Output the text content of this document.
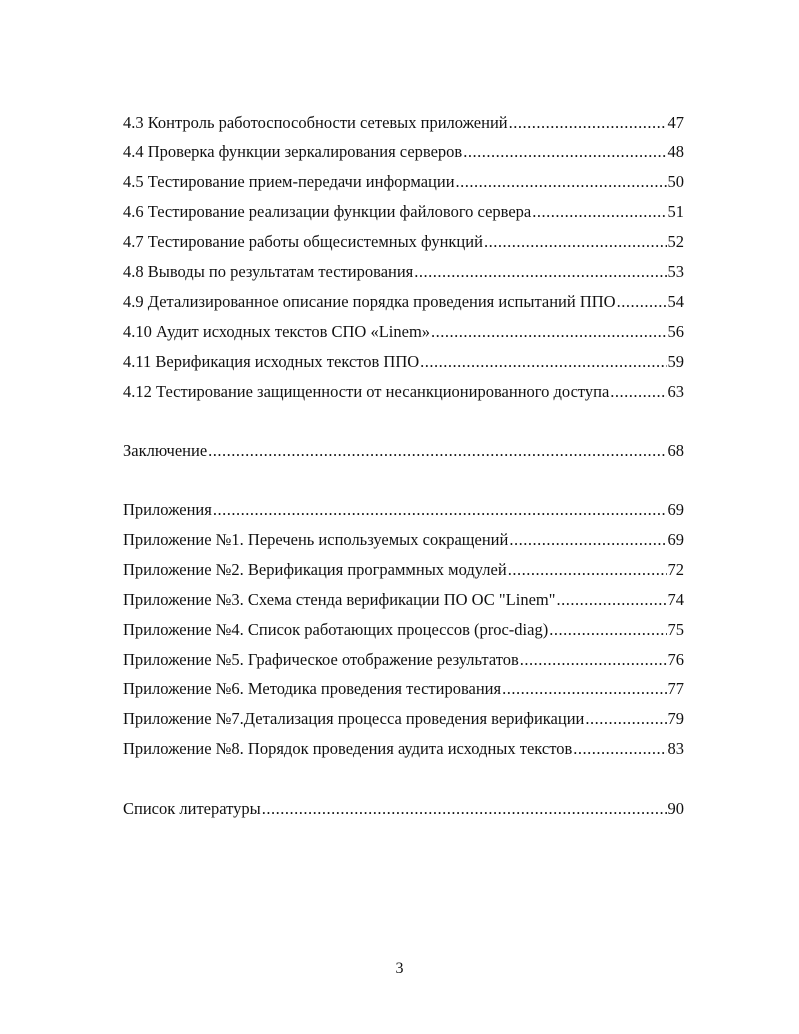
4.3 Контроль работоспособности сетевых приложений .....	47
4.4 Проверка функции зеркалирования серверов .....	48
4.5 Тестирование прием-передачи информации .....	50
4.6 Тестирование реализации функции файлового сервера .....	51
4.7 Тестирование работы общесистемных функций .....	52
4.8 Выводы по результатам тестирования .....	53
4.9 Детализированное описание порядка проведения испытаний ППО .....	54
4.10 Аудит исходных текстов СПО «Linem» .....	56
4.11 Верификация исходных текстов ППО .....	59
4.12 Тестирование защищенности от несанкционированного доступа .....	63
Заключение .....	68
Приложения .....	69
Приложение №1. Перечень используемых сокращений .....	69
Приложение №2. Верификация программных модулей .....	72
Приложение №3. Схема стенда верификации ПО ОС "Linem" .....	74
Приложение №4. Список работающих процессов (proc-diag) .....	75
Приложение №5. Графическое отображение результатов .....	76
Приложение №6. Методика проведения тестирования .....	77
Приложение №7.Детализация процесса проведения верификации .....	79
Приложение №8. Порядок проведения аудита исходных текстов .....	83
Список литературы .....	90
3
